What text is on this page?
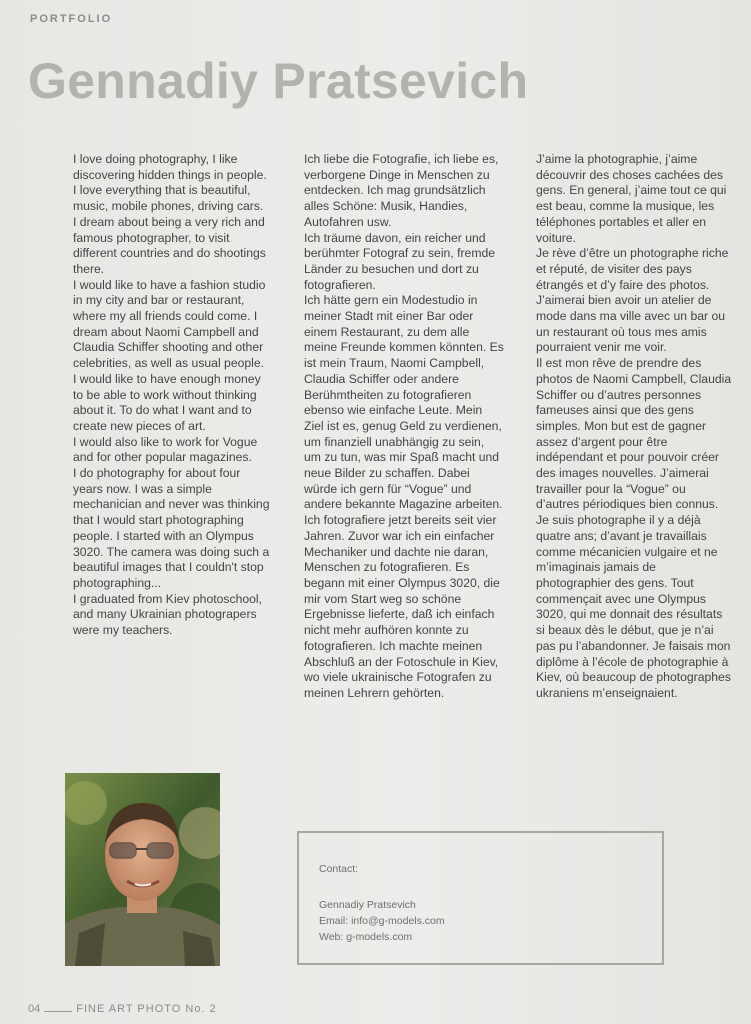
PORTFOLIO
Gennadiy Pratsevich

I love doing photography, I like discovering hidden things in people. I love everything that is beautiful, music, mobile phones, driving cars.

I dream about being a very rich and famous photographer, to visit different countries and do shootings there.

I would like to have a fashion studio in my city and bar or restaurant, where my all friends could come. I dream about Naomi Campbell and Claudia Schiffer shooting and other celebrities, as well as usual people.

I would like to have enough money to be able to work without thinking about it. To do what I want and to create new pieces of art.

I would also like to work for Vogue and for other popular magazines.

I do photography for about four years now. I was a simple mechanician and never was thinking that I would start photographing people. I started with an Olympus 3020. The camera was doing such a beautiful images that I couldn't stop photographing...

I graduated from Kiev photoschool, and many Ukrainian photograpers were my teachers.

Ich liebe die Fotografie, ich liebe es, verborgene Dinge in Menschen zu entdecken. Ich mag grundsätzlich alles Schöne: Musik, Handies, Autofahren usw.

Ich träume davon, ein reicher und berühmter Fotograf zu sein, fremde Länder zu besuchen und dort zu fotografieren.

Ich hätte gern ein Modestudio in meiner Stadt mit einer Bar oder einem Restaurant, zu dem alle meine Freunde kommen könnten. Es ist mein Traum, Naomi Campbell, Claudia Schiffer oder andere Berühmtheiten zu fotografieren ebenso wie einfache Leute. Mein Ziel ist es, genug Geld zu verdienen, um finanziell unabhängig zu sein, um zu tun, was mir Spaß macht und neue Bilder zu schaffen. Dabei würde ich gern für “Vogue” und andere bekannte Magazine arbeiten.

Ich fotografiere jetzt bereits seit vier Jahren. Zuvor war ich ein einfacher Mechaniker und dachte nie daran, Menschen zu fotografieren. Es begann mit einer Olympus 3020, die mir vom Start weg so schöne Ergebnisse lieferte, daß ich einfach nicht mehr aufhören konnte zu fotografieren. Ich machte meinen Abschluß an der Fotoschule in Kiev, wo viele ukrainische Fotografen zu meinen Lehrern gehörten.

J’aime la photographie, j’aime découvrir des choses cachées des gens. En general, j’aime tout ce qui est beau, comme la musique, les téléphones portables et aller en voiture.

Je rève d’être un photographe riche et réputé, de visiter des pays étrangés et d’y faire des photos. J’aimerai bien avoir un atelier de mode dans ma ville avec un bar ou un restaurant où tous mes amis pourraient venir me voir.

Il est mon rêve de prendre des photos de Naomi Campbell, Claudia Schiffer ou d’autres personnes fameuses ainsi que des gens simples. Mon but est de gagner assez d’argent pour être indépendant et pour pouvoir créer des images nouvelles. J’aimerai travailler pour la “Vogue” ou d’autres périodiques bien connus.

Je suis photographe il y a déjà quatre ans; d’avant je travaillais comme mécanicien vulgaire et ne m’imaginais jamais de photographier des gens. Tout commençait avec une Olympus 3020, qui me donnait des résultats si beaux dès le début, que je n’ai pas pu l’abandonner. Je faisais mon diplôme à l’école de photographie à Kiev, où beaucoup de photographes ukraniens m’enseignaient.

Contact:
Gennadiy Pratsevich
Email: info@g-models.com
Web: g-models.com
04	FINE ART PHOTO No. 2
